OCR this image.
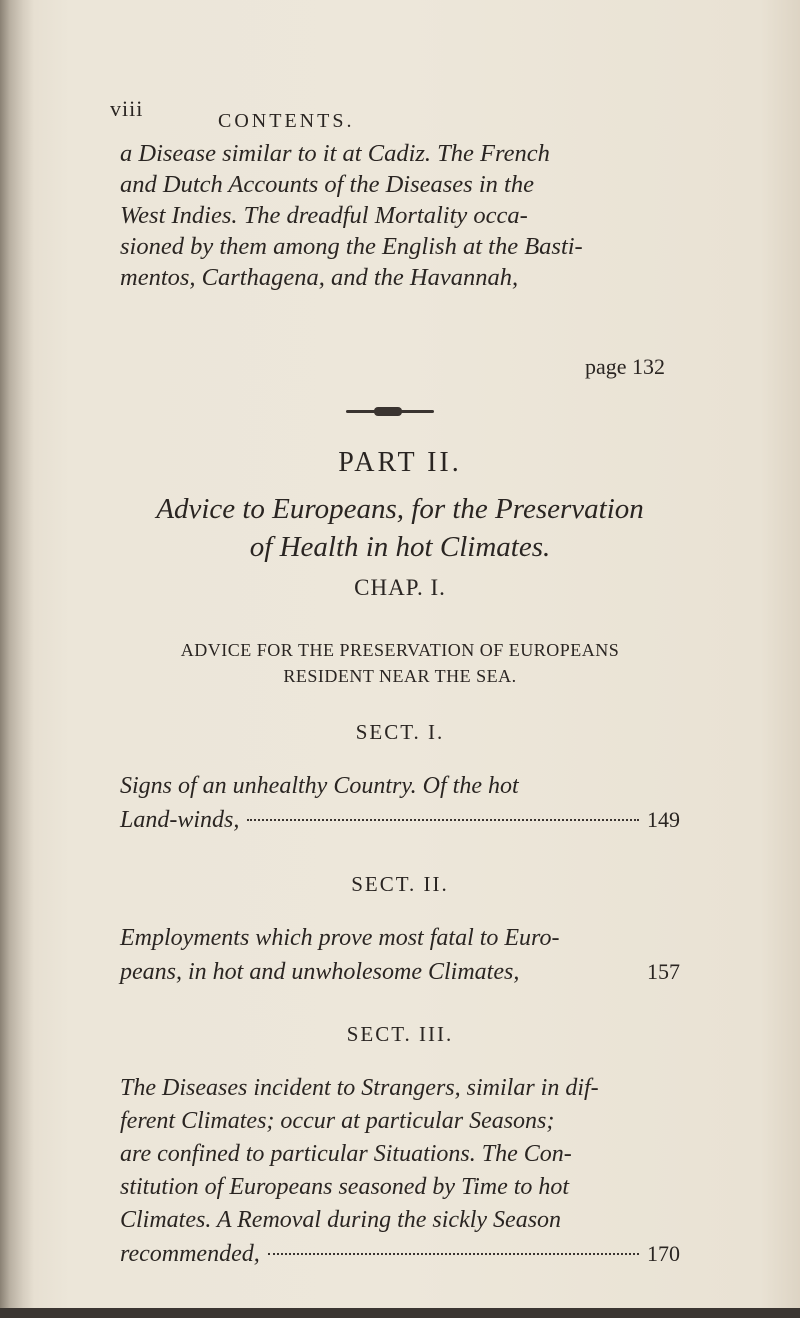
viii	CONTENTS.
a Disease similar to it at Cadiz. The French
and Dutch Accounts of the Diseases in the
West Indies. The dreadful Mortality occa-
sioned by them among the English at the Basti-
mentos, Carthagena, and the Havannah,
page 132
PART II.
Advice to Europeans, for the Preservation
of Health in hot Climates.
CHAP. I.
ADVICE FOR THE PRESERVATION OF EUROPEANS
RESIDENT NEAR THE SEA.
SECT. I.
Signs of an unhealthy Country. Of the hot
Land-winds,	149
SECT. II.
Employments which prove most fatal to Euro-
peans, in hot and unwholesome Climates,	157
SECT. III.
The Diseases incident to Strangers, similar in dif-
ferent Climates; occur at particular Seasons;
are confined to particular Situations. The Con-
stitution of Europeans seasoned by Time to hot
Climates. A Removal during the sickly Season
recommended,	170
